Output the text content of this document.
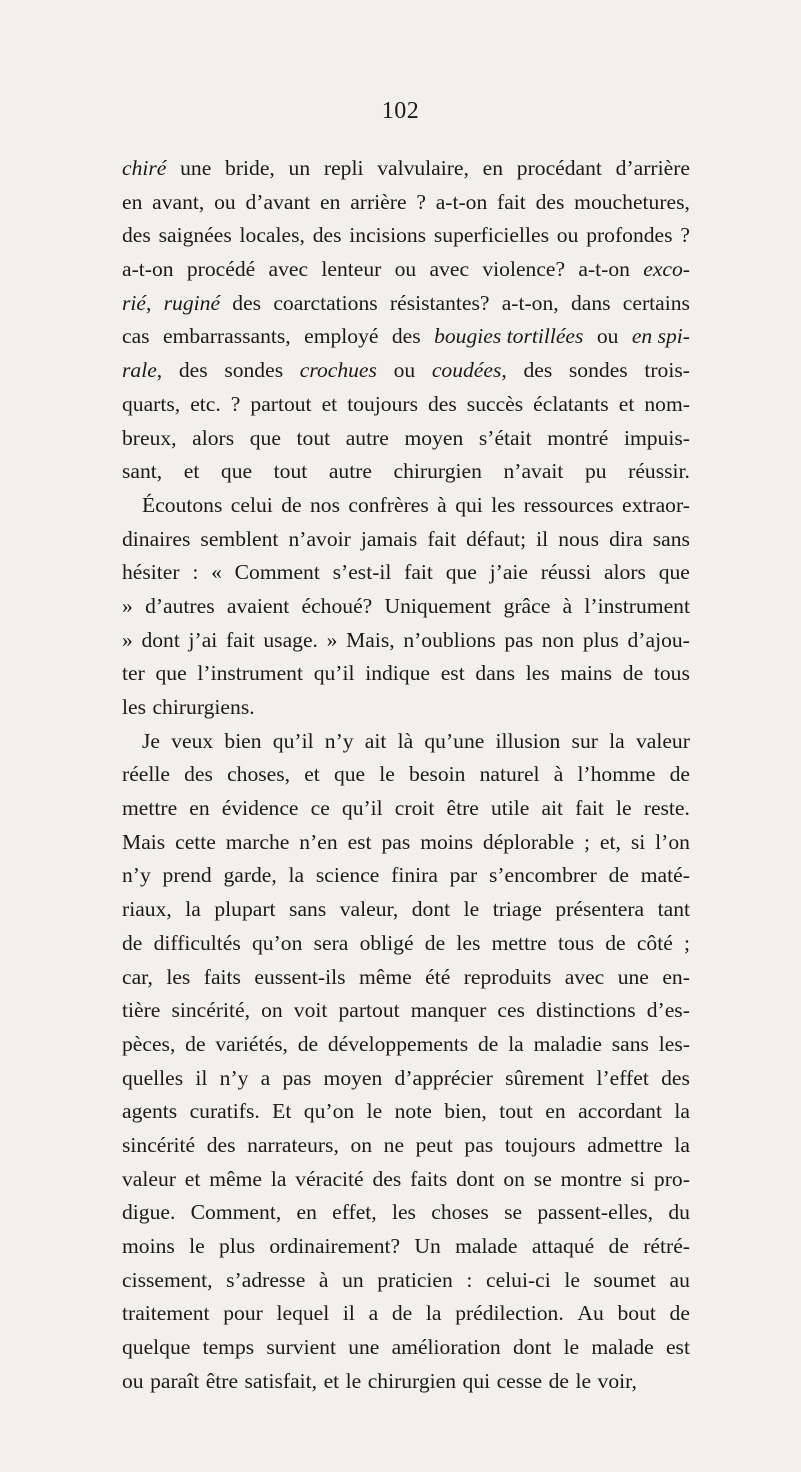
102
chiré une bride, un repli valvulaire, en procédant d’arrière
en avant, ou d’avant en arrière ? a-t-on fait des mouchetures,
des saignées locales, des incisions superficielles ou profondes ?
a-t-on procédé avec lenteur ou avec violence? a-t-on exco-
rié, ruginé des coarctations résistantes? a-t-on, dans certains
cas embarrassants, employé des bougies tortillées ou en spi-
rale, des sondes crochues ou coudées, des sondes trois-
quarts, etc. ? partout et toujours des succès éclatants et nom-
breux, alors que tout autre moyen s’était montré impuis-
sant, et que tout autre chirurgien n’avait pu réussir.
Écoutons celui de nos confrères à qui les ressources extraor-
dinaires semblent n’avoir jamais fait défaut; il nous dira sans
hésiter : « Comment s’est-il fait que j’aie réussi alors que
» d’autres avaient échoué? Uniquement grâce à l’instrument
» dont j’ai fait usage. » Mais, n’oublions pas non plus d’ajou-
ter que l’instrument qu’il indique est dans les mains de tous
les chirurgiens.
Je veux bien qu’il n’y ait là qu’une illusion sur la valeur
réelle des choses, et que le besoin naturel à l’homme de
mettre en évidence ce qu’il croit être utile ait fait le reste.
Mais cette marche n’en est pas moins déplorable ; et, si l’on
n’y prend garde, la science finira par s’encombrer de maté-
riaux, la plupart sans valeur, dont le triage présentera tant
de difficultés qu’on sera obligé de les mettre tous de côté ;
car, les faits eussent-ils même été reproduits avec une en-
tière sincérité, on voit partout manquer ces distinctions d’es-
pèces, de variétés, de développements de la maladie sans les-
quelles il n’y a pas moyen d’apprécier sûrement l’effet des
agents curatifs. Et qu’on le note bien, tout en accordant la
sincérité des narrateurs, on ne peut pas toujours admettre la
valeur et même la véracité des faits dont on se montre si pro-
digue. Comment, en effet, les choses se passent-elles, du
moins le plus ordinairement? Un malade attaqué de rétré-
cissement, s’adresse à un praticien : celui-ci le soumet au
traitement pour lequel il a de la prédilection. Au bout de
quelque temps survient une amélioration dont le malade est
ou paraît être satisfait, et le chirurgien qui cesse de le voir,
